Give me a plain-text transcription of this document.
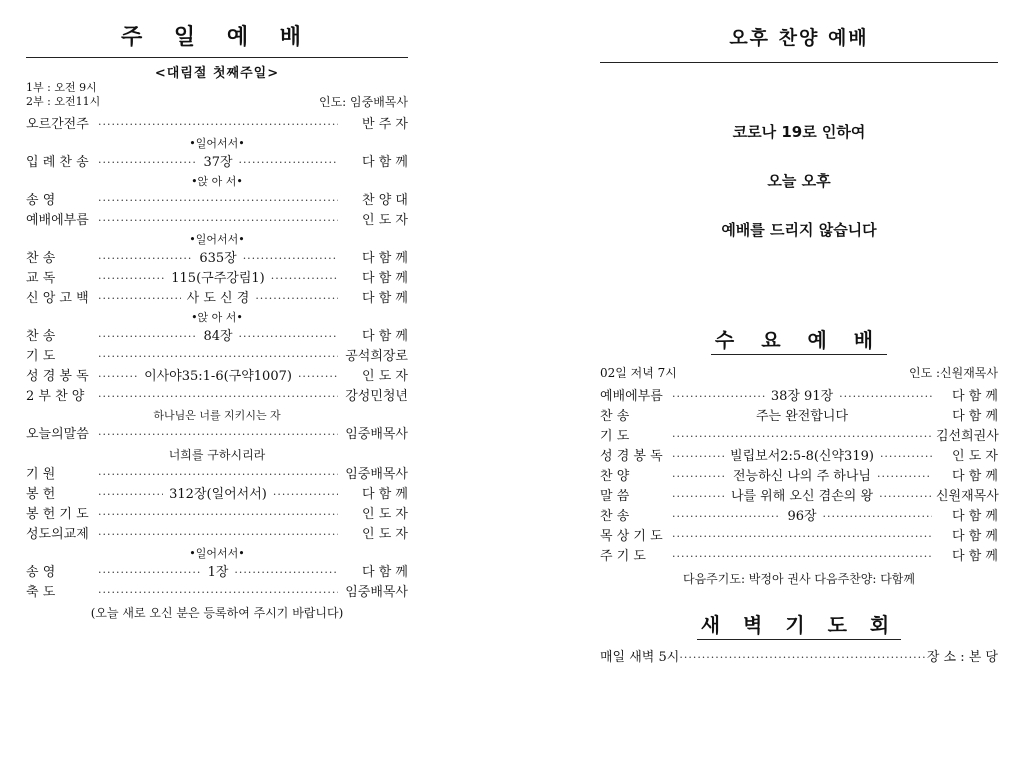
주 일 예 배
<대림절 첫째주일>
1부 : 오전 9시
2부 : 오전11시	인도: 임중배목사
오르간전주 ·····	반 주 자
•일어서서•
입 례 찬 송 ·····	37장 ·····	다 함 께
•앉 아 서•
송 영 ·····	찬 양 대
예배에부름 ·····	인 도 자
•일어서서•
찬 송 ·····	635장 ·····	다 함 께
교 독 ·····	115(구주강림1) ·····	다 함 께
신 앙 고 백 ·····	사 도 신 경 ·····	다 함 께
•앉 아 서•
찬 송 ·····	84장 ·····	다 함 께
기 도 ·····	공석희장로
성 경 봉 독 ·····	이사야35:1-6(구약1007) ·····	인 도 자
2 부 찬 양 ·····	강성민청년
하나님은 너를 지키시는 자
오늘의말씀 ·····	임중배목사
너희를 구하시리라
기 원 ·····	임중배목사
봉 헌 ·····	312장(일어서서) ·····	다 함 께
봉 헌 기 도 ·····	인 도 자
성도의교제 ·····	인 도 자
•일어서서•
송 영 ·····	1장 ·····	다 함 께
축 도 ·····	임중배목사
(오늘 새로 오신 분은 등록하여 주시기 바랍니다)
오후 찬양 예배
코로나 19로 인하여
오늘 오후
예배를 드리지 않습니다
수 요 예 배
02일 저녁 7시	인도 :신원재목사
예배에부름 ·····	38장 91장 ·····	다 함 께
찬 송	주는 완전합니다	다 함 께
기 도 ·····	김선희권사
성 경 봉 독 ·····	빌립보서2:5-8(신약319) ·····	인 도 자
찬 양 ·····	전능하신 나의 주 하나님 ·····	다 함 께
말 씀 ·····	나를 위해 오신 겸손의 왕 ·····	신원재목사
찬 송 ·····	96장 ·····	다 함 께
목 상 기 도 ·····	다 함 께
주 기 도 ·····	다 함 께
다음주기도: 박정아 권사 다음주찬양: 다함께
새 벽 기 도 회
매일 새벽 5시 ·····	장 소 : 본 당
